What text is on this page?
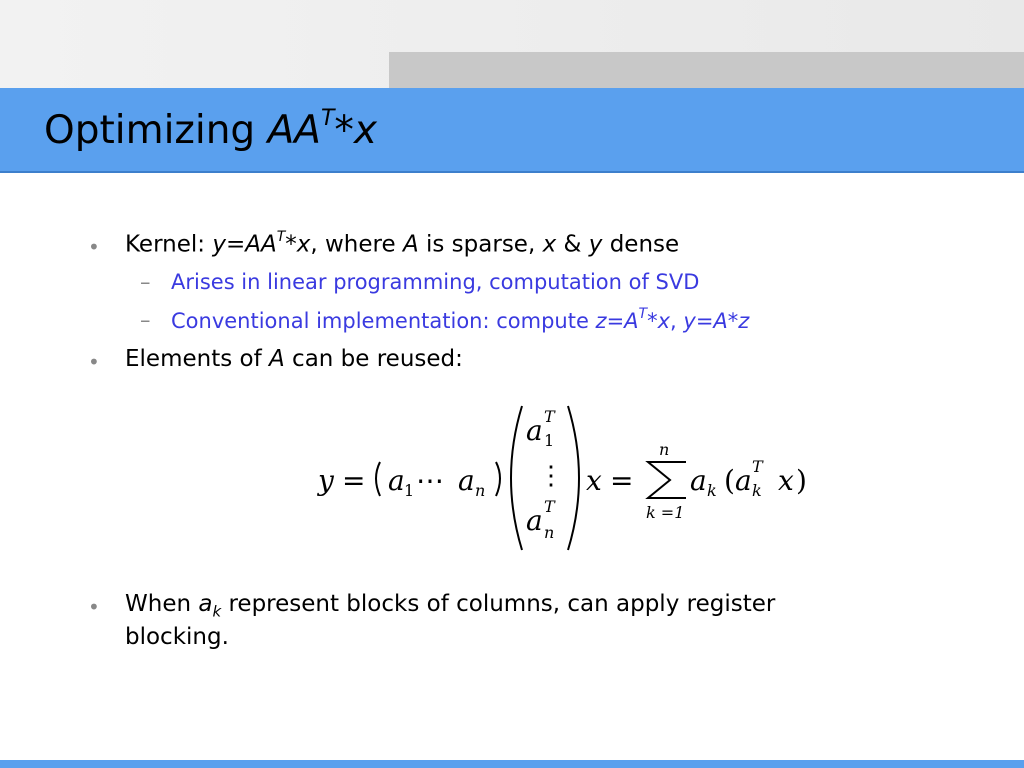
Optimizing $AA^T*x$
• Kernel: $y=AA^T*x$, where A is sparse, x & y dense
– Arises in linear programming, computation of SVD
– Conventional implementation: compute $z=A^T*x$, y=A*z
• Elements of A can be reused:
y = a 1 ⋯ a n
a T
1
⋮
a T
n
x =
n
k =1
a k ( a T
k x )
• When $a_k$ represent blocks of columns, can apply register
blocking.
